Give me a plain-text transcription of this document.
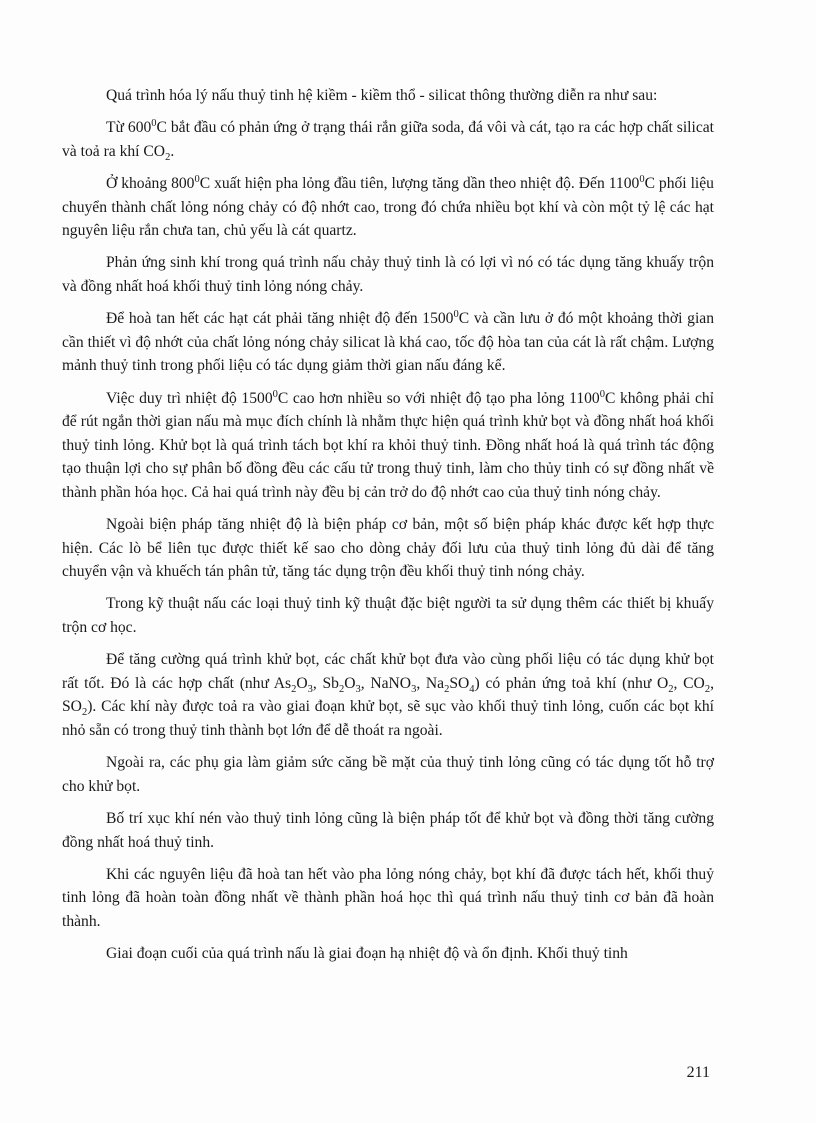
Quá trình hóa lý nấu thuỷ tinh hệ kiềm - kiềm thổ - silicat thông thường diễn ra như sau:

Từ $600^0C$ bắt đầu có phản ứng ở trạng thái rắn giữa soda, đá vôi và cát, tạo ra các hợp chất silicat và toả ra khí $CO_2$.

Ở khoảng $800^0C$ xuất hiện pha lỏng đầu tiên, lượng tăng dần theo nhiệt độ. Đến 1100$^0$C phối liệu chuyển thành chất lỏng nóng chảy có độ nhớt cao, trong đó chứa nhiều bọt khí và còn một tỷ lệ các hạt nguyên liệu rắn chưa tan, chủ yếu là cát quartz.

Phản ứng sinh khí trong quá trình nấu chảy thuỷ tinh là có lợi vì nó có tác dụng tăng khuấy trộn và đồng nhất hoá khối thuỷ tinh lỏng nóng chảy.

Để hoà tan hết các hạt cát phải tăng nhiệt độ đến 1500$^0$C và cần lưu ở đó một khoảng thời gian cần thiết vì độ nhớt của chất lỏng nóng chảy silicat là khá cao, tốc độ hòa tan của cát là rất chậm. Lượng mảnh thuỷ tinh trong phối liệu có tác dụng giảm thời gian nấu đáng kể.

Việc duy trì nhiệt độ 1500$^0$C cao hơn nhiều so với nhiệt độ tạo pha lỏng 1100$^0$C không phải chỉ để rút ngắn thời gian nấu mà mục đích chính là nhằm thực hiện quá trình khử bọt và đồng nhất hoá khối thuỷ tinh lỏng. Khử bọt là quá trình tách bọt khí ra khỏi thuỷ tinh. Đồng nhất hoá là quá trình tác động tạo thuận lợi cho sự phân bố đồng đều các cấu tử trong thuỷ tinh, làm cho thủy tinh có sự đồng nhất về thành phần hóa học. Cả hai quá trình này đều bị cản trở do độ nhớt cao của thuỷ tinh nóng chảy.

Ngoài biện pháp tăng nhiệt độ là biện pháp cơ bản, một số biện pháp khác được kết hợp thực hiện. Các lò bể liên tục được thiết kế sao cho dòng chảy đối lưu của thuỷ tinh lỏng đủ dài để tăng chuyển vận và khuếch tán phân tử, tăng tác dụng trộn đều khối thuỷ tinh nóng chảy.

Trong kỹ thuật nấu các loại thuỷ tinh kỹ thuật đặc biệt người ta sử dụng thêm các thiết bị khuấy trộn cơ học.

Để tăng cường quá trình khử bọt, các chất khử bọt đưa vào cùng phối liệu có tác dụng khử bọt rất tốt. Đó là các hợp chất (như $As_2O_3$, $Sb_2O_3$, NaNO$_3$, $Na_2SO_4$) có phản ứng toả khí (như $O_2$, $CO_2$, $SO_2$). Các khí này được toả ra vào giai đoạn khử bọt, sẽ sục vào khối thuỷ tinh lỏng, cuốn các bọt khí nhỏ sẵn có trong thuỷ tinh thành bọt lớn để dễ thoát ra ngoài.

Ngoài ra, các phụ gia làm giảm sức căng bề mặt của thuỷ tinh lỏng cũng có tác dụng tốt hỗ trợ cho khử bọt.

Bố trí xục khí nén vào thuỷ tinh lỏng cũng là biện pháp tốt để khử bọt và đồng thời tăng cường đồng nhất hoá thuỷ tinh.

Khi các nguyên liệu đã hoà tan hết vào pha lỏng nóng chảy, bọt khí đã được tách hết, khối thuỷ tinh lỏng đã hoàn toàn đồng nhất về thành phần hoá học thì quá trình nấu thuỷ tinh cơ bản đã hoàn thành.

Giai đoạn cuối của quá trình nấu là giai đoạn hạ nhiệt độ và ổn định. Khối thuỷ tinh

211
